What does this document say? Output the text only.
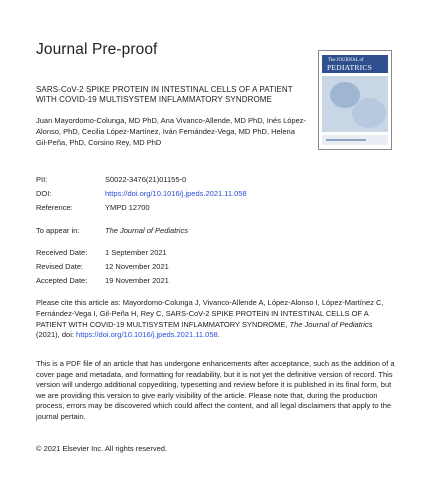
Journal Pre-proof
The JOURNAL of
PEDIATRICS
SARS-CoV-2 SPIKE PROTEIN IN INTESTINAL CELLS OF A PATIENT WITH COVID-19 MULTISYSTEM INFLAMMATORY SYNDROME
Juan Mayordomo-Colunga, MD PhD, Ana Vivanco-Allende, MD PhD, Inés López-Alonso, PhD, Cecilia López-Martínez, Iván Fernández-Vega, MD PhD, Helena Gil-Peña, PhD, Corsino Rey, MD PhD
PII:	S0022-3476(21)01155-0
DOI:	https://doi.org/10.1016/j.jpeds.2021.11.058
Reference:	YMPD 12700
To appear in:	The Journal of Pediatrics
Received Date: 1 September 2021
Revised Date:	12 November 2021
Accepted Date: 19 November 2021
Please cite this article as: Mayordomo-Colunga J, Vivanco-Allende A, López-Alonso I, López-Martínez C, Fernández-Vega I, Gil-Peña H, Rey C, SARS-CoV-2 SPIKE PROTEIN IN INTESTINAL CELLS OF A PATIENT WITH COVID-19 MULTISYSTEM INFLAMMATORY SYNDROME, The Journal of Pediatrics (2021), doi: https://doi.org/10.1016/j.jpeds.2021.11.058.
This is a PDF file of an article that has undergone enhancements after acceptance, such as the addition of a cover page and metadata, and formatting for readability, but it is not yet the definitive version of record. This version will undergo additional copyediting, typesetting and review before it is published in its final form, but we are providing this version to give early visibility of the article. Please note that, during the production process, errors may be discovered which could affect the content, and all legal disclaimers that apply to the journal pertain.
© 2021 Elsevier Inc. All rights reserved.
